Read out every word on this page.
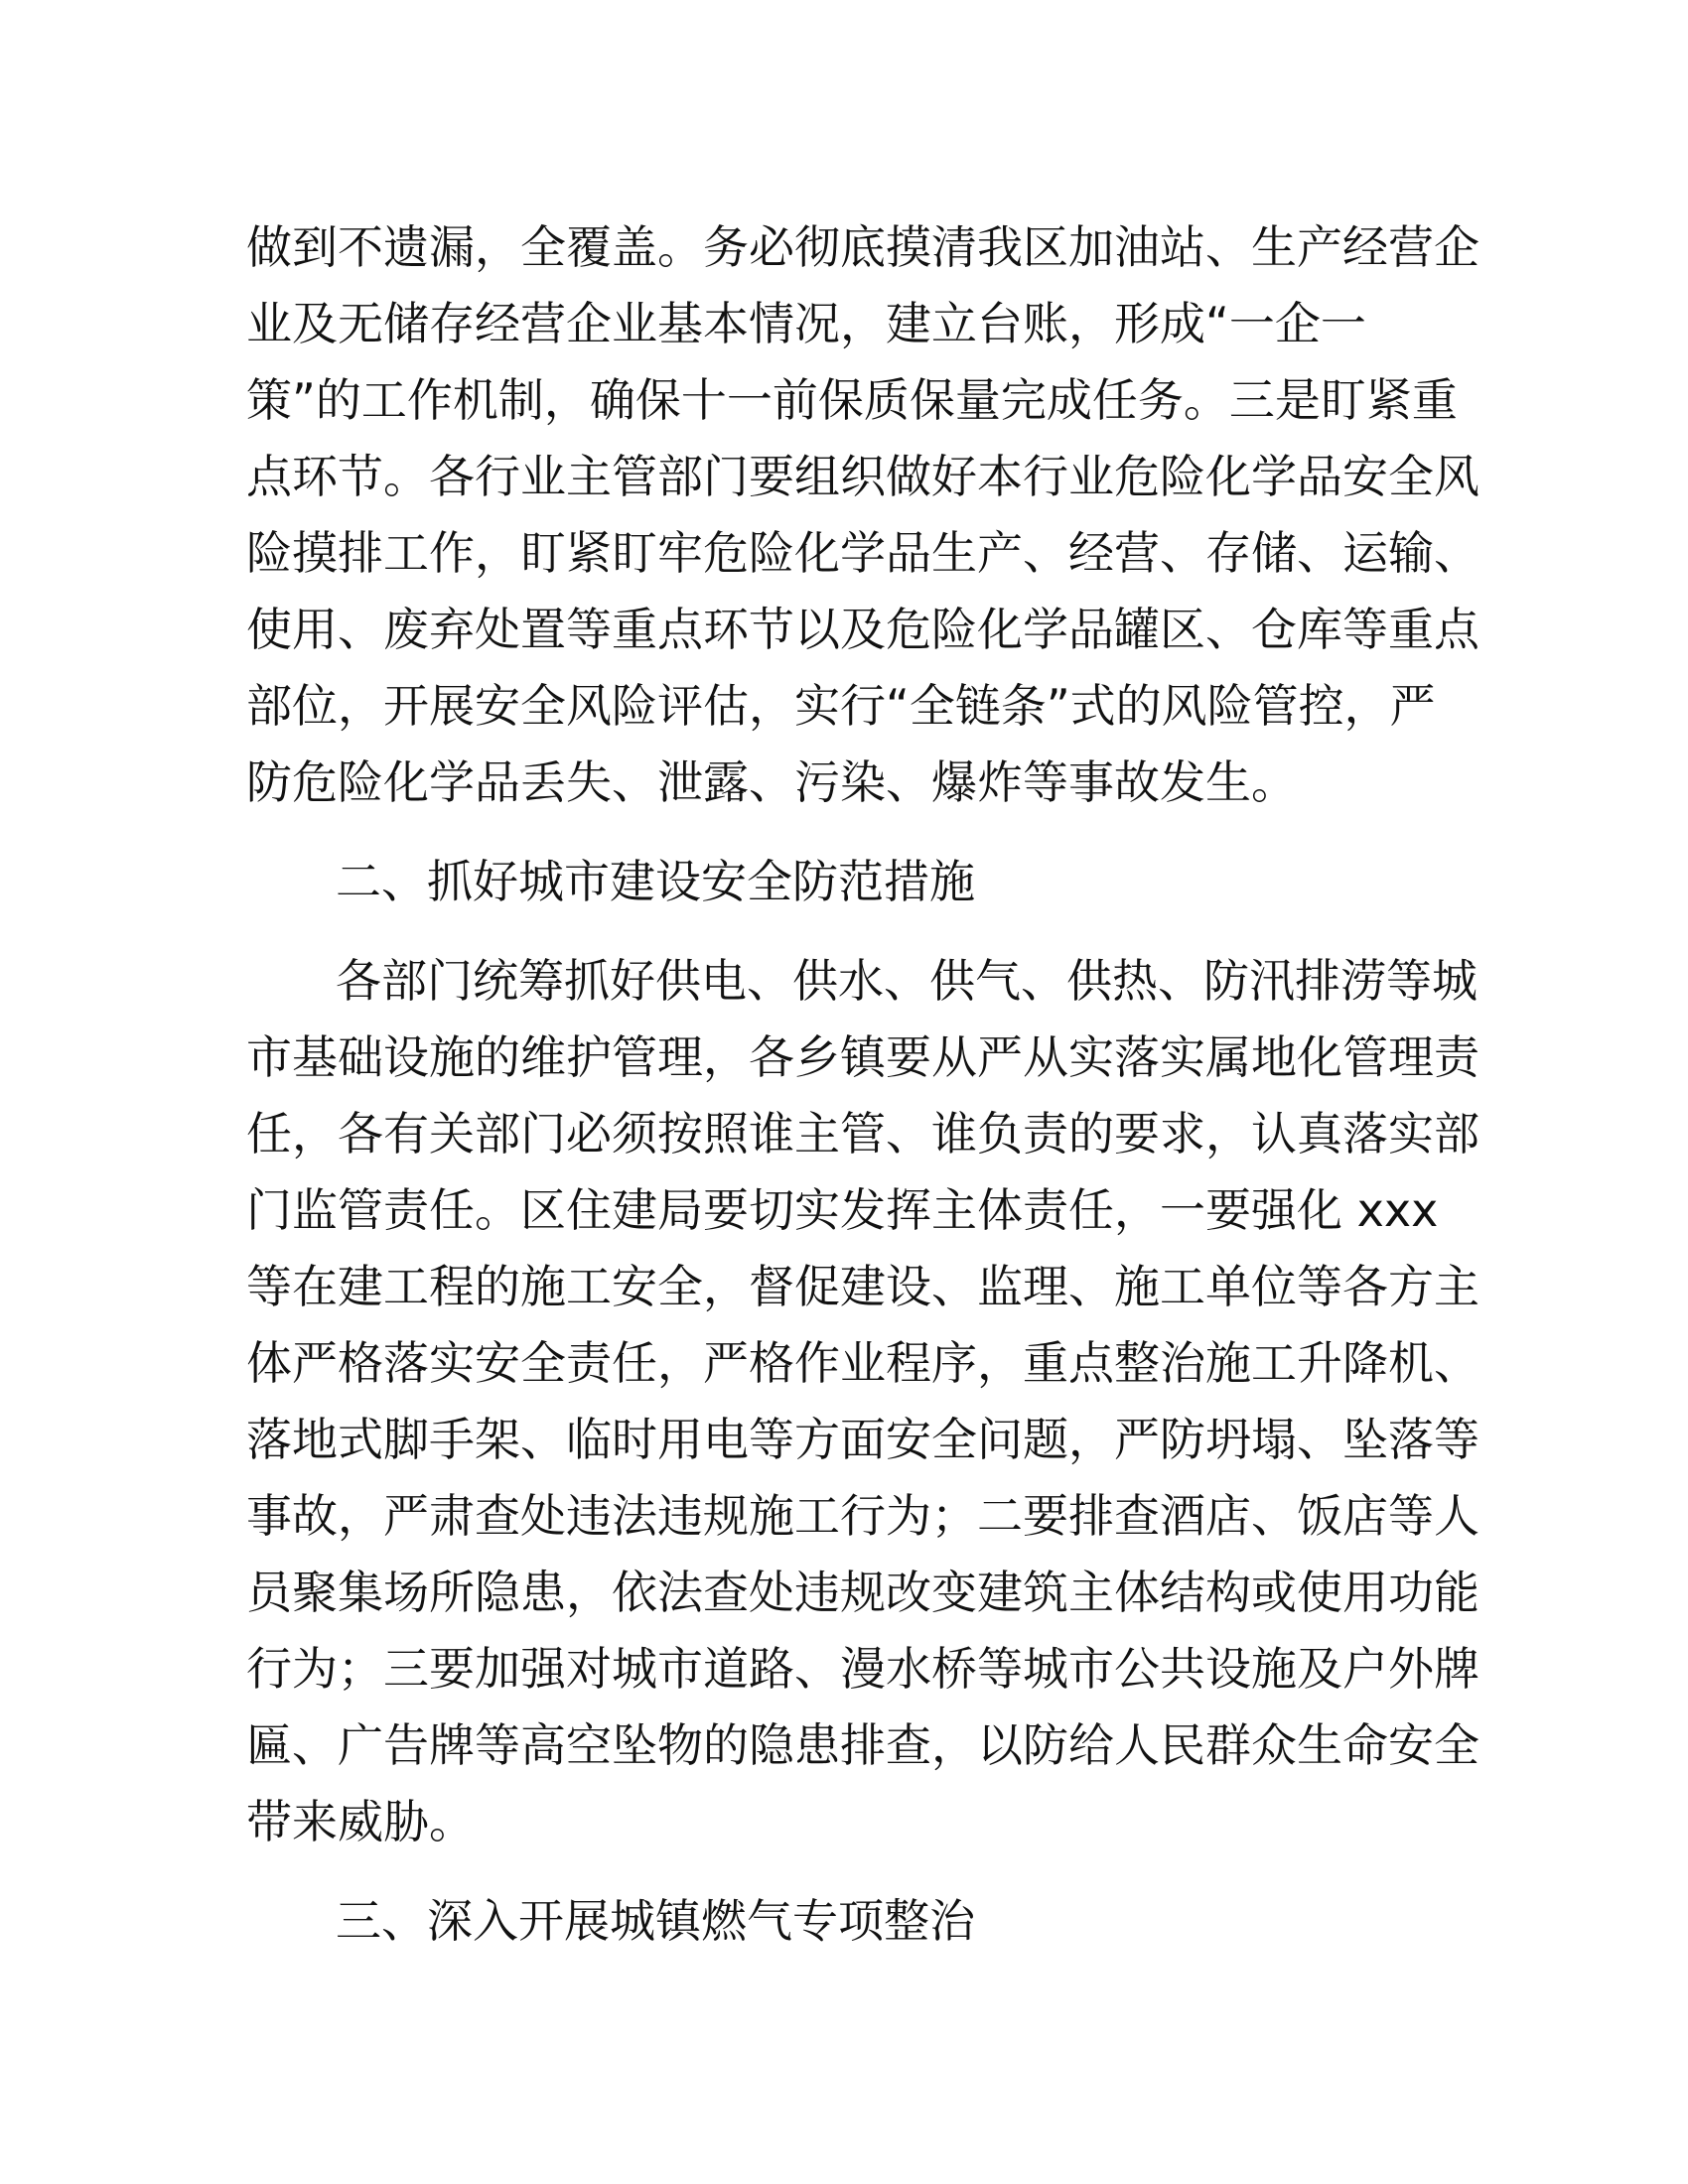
做到不遗漏，全覆盖。务必彻底摸清我区加油站、生产经营企
业及无储存经营企业基本情况，建立台账，形成“一企一
策”的工作机制，确保十一前保质保量完成任务。三是盯紧重
点环节。各行业主管部门要组织做好本行业危险化学品安全风
险摸排工作，盯紧盯牢危险化学品生产、经营、存储、运输、
使用、废弃处置等重点环节以及危险化学品罐区、仓库等重点
部位，开展安全风险评估，实行“全链条”式的风险管控，严
防危险化学品丢失、泄露、污染、爆炸等事故发生。
二、抓好城市建设安全防范措施
各部门统筹抓好供电、供水、供气、供热、防汛排涝等城
市基础设施的维护管理，各乡镇要从严从实落实属地化管理责
任，各有关部门必须按照谁主管、谁负责的要求，认真落实部
门监管责任。区住建局要切实发挥主体责任，一要强化 xxx
等在建工程的施工安全，督促建设、监理、施工单位等各方主
体严格落实安全责任，严格作业程序，重点整治施工升降机、
落地式脚手架、临时用电等方面安全问题，严防坍塌、坠落等
事故，严肃查处违法违规施工行为；二要排查酒店、饭店等人
员聚集场所隐患，依法查处违规改变建筑主体结构或使用功能
行为；三要加强对城市道路、漫水桥等城市公共设施及户外牌
匾、广告牌等高空坠物的隐患排查，以防给人民群众生命安全
带来威胁。
三、深入开展城镇燃气专项整治
